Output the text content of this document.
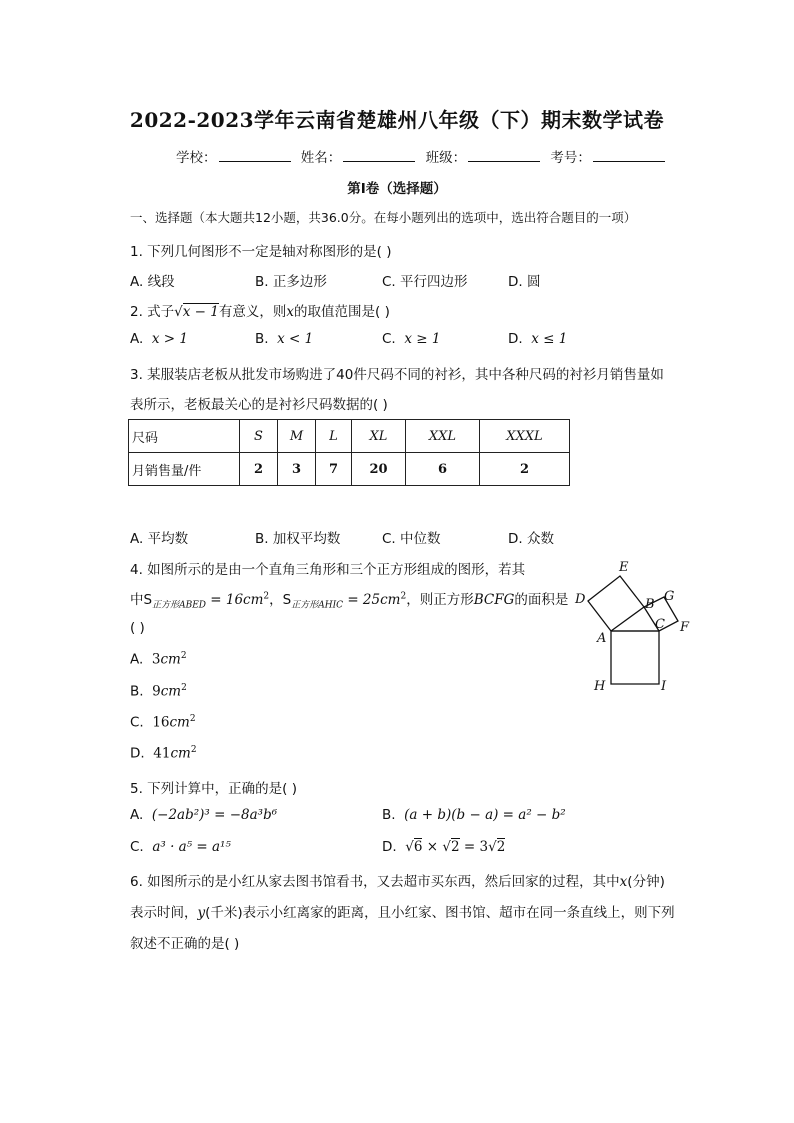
2022-2023学年云南省楚雄州八年级（下）期末数学试卷
学校：	姓名：	班级：	考号：
第I卷（选择题）
一、选择题（本大题共12小题，共36.0分。在每小题列出的选项中，选出符合题目的一项）
1. 下列几何图形不一定是轴对称图形的是( )
A. 线段	B. 正多边形	C. 平行四边形	D. 圆
2. 式子√x − 1有意义，则x的取值范围是( )
A. x > 1	B. x < 1	C. x ≥ 1	D. x ≤ 1
3. 某服装店老板从批发市场购进了40件尺码不同的衬衫，其中各种尺码的衬衫月销售量如
表所示，老板最关心的是衬衫尺码数据的( )
尺码	S	M	L	XL	XXL	XXXL
月销售量/件	2	3	7	20	6	2
A. 平均数	B. 加权平均数	C. 中位数	D. 众数
4. 如图所示的是由一个直角三角形和三个正方形组成的图形，若其
中$S_{正方形ABED} = 16cm^2$，$S_{正方形AHIC} = 25cm^2$，则正方形BCFG的面积是
( )
A. $3cm^2$
B. $9cm^2$
C. $16cm^2$
D. $41cm^2$
E
D	G
B
C F
A
H	I
5. 下列计算中，正确的是( )
A. (−2ab²)³ = −8a³b⁶	B. (a + b)(b − a) = a² − b²
C. a³ · a⁵ = a¹⁵	D. √6 × √2 = 3√2
6. 如图所示的是小红从家去图书馆看书，又去超市买东西，然后回家的过程，其中x(分钟)
表示时间，y(千米)表示小红离家的距离，且小红家、图书馆、超市在同一条直线上，则下列
叙述不正确的是( )
